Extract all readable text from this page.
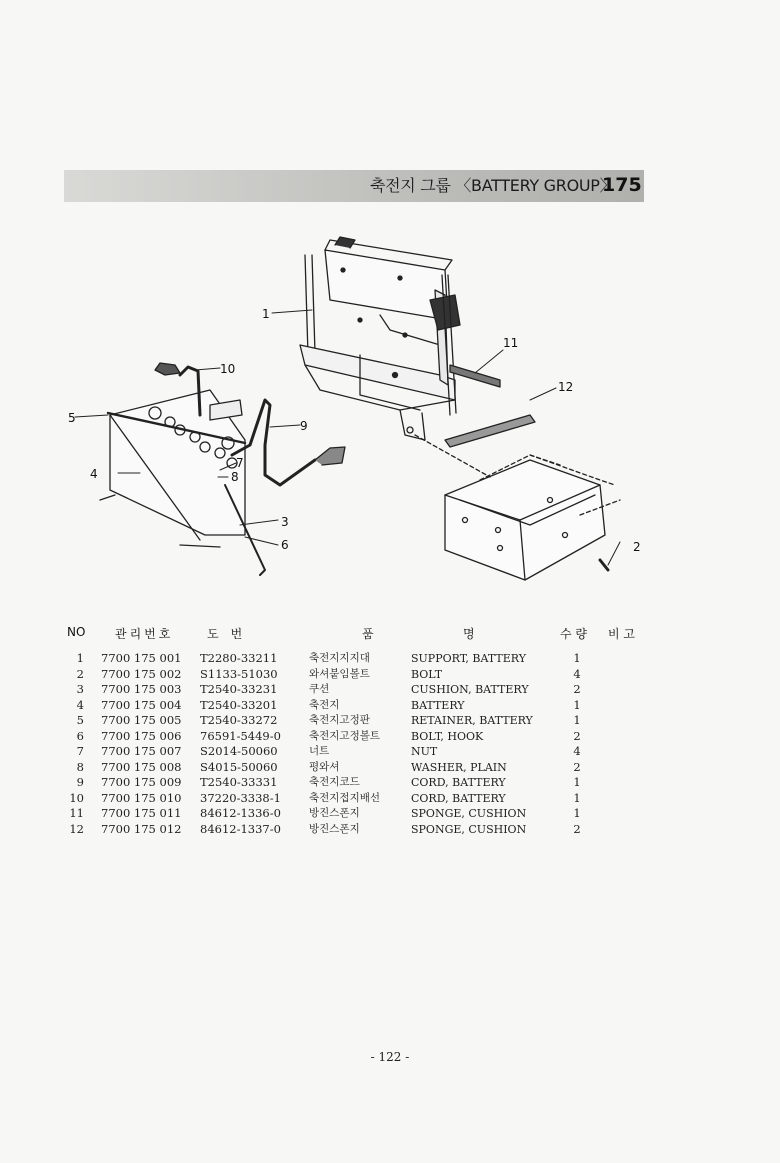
축전지 그룹 〈BATTERY GROUP〉
175
1
2
3
4
5
6
7
8
9
10
11
12
NO 관리번호	도　번	품	명	수 량 비 고
1 7700 175 001 T2280-33211	축전지지지대	SUPPORT, BATTERY	1
2 7700 175 002 S1133-51030	와셔붙임볼트	BOLT	4
3 7700 175 003 T2540-33231	쿠션	CUSHION, BATTERY	2
4 7700 175 004 T2540-33201	축전지	BATTERY	1
5 7700 175 005 T2540-33272	축전지고정판	RETAINER, BATTERY	1
6 7700 175 006 76591-5449-0	축전지고정볼트	BOLT, HOOK	2
7 7700 175 007 S2014-50060	너트	NUT	4
8 7700 175 008 S4015-50060	평와셔	WASHER, PLAIN	2
9 7700 175 009 T2540-33331	축전지코드	CORD, BATTERY	1
10 7700 175 010 37220-3338-1	축전지접지배선	CORD, BATTERY	1
11 7700 175 011 84612-1336-0	방진스폰지	SPONGE, CUSHION	1
12 7700 175 012 84612-1337-0	방진스폰지	SPONGE, CUSHION	2
- 122 -
